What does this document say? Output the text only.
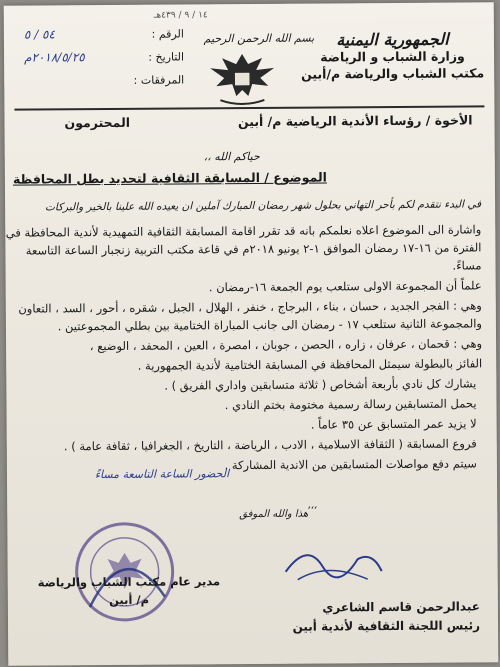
١٤ / ٩ / ٤٣٩هـ
الجمهورية اليمنية
وزارة الشباب و الرياضة
مكتب الشباب والرياضة م/أبين
بسم الله الرحمن الرحيم
الرقم :
٥٤ / ٥
التاريخ :
٢٠١٨/٥/٢٥م
المرفقات :
الأخوة / رؤساء الأندية الرياضية م/ أبين
المحترمون
حياكم الله ،،
الموضوع / المسابقة الثقافية لتحديد بطل المحافظة
في البدء نتقدم لكم بأحر التهاني بحلول شهر رمضان المبارك آملين ان يعيده الله علينا بالخير والبركات
واشارة الى الموضوع اعلاه نعلمكم بانه قد تقرر اقامة المسابقة الثقافية التمهيدية لأندية المحافظة في
الفترة من ١٦-١٧ رمضان الموافق ١-٢ يونيو ٢٠١٨م في قاعة مكتب التربية زنجبار الساعة التاسعة
مساءً.
علماً أن المجموعة الاولى ستلعب يوم الجمعة ١٦-رمضان .
وهي : الفجر الجديد ، حسان ، بناء ، البرجاج ، خنفر ، الهلال ، الجبل ، شقره ، أحور ، السد ، التعاون
والمجموعة الثانية ستلعب ١٧ - رمضان الى جانب المباراة الختامية بين بطلي المجموعتين .
وهي : قحمان ، عرفان ، زاره ، الحصن ، جوبان ، امصرة ، العين ، المحفد ، الوضيع ،
الفائز بالبطولة سيمثل المحافظة في المسابقة الختامية لأندية الجمهورية .
يشارك كل نادي بأربعة أشخاص ( ثلاثة متسابقين واداري الفريق ) .
يحمل المتسابقين رسالة رسمية مختومة بختم النادي .
لا يزيد عمر المتسابق عن ٣٥ عاماً .
فروع المسابقة ( الثقافة الاسلامية ، الادب ، الرياضة ، التاريخ ، الجغرافيا ، ثقافة عامة ) .
سيتم دفع مواصلات المتسابقين من الاندية المشاركة .
الحضور الساعة التاسعة مساءً
،،،
هذا والله الموفق
عبدالرحمن قاسم الشاعري
رئيس اللجنة الثقافية لأندية أبين
مدير عام مكتب الشباب والرياضة
م/ أبين
